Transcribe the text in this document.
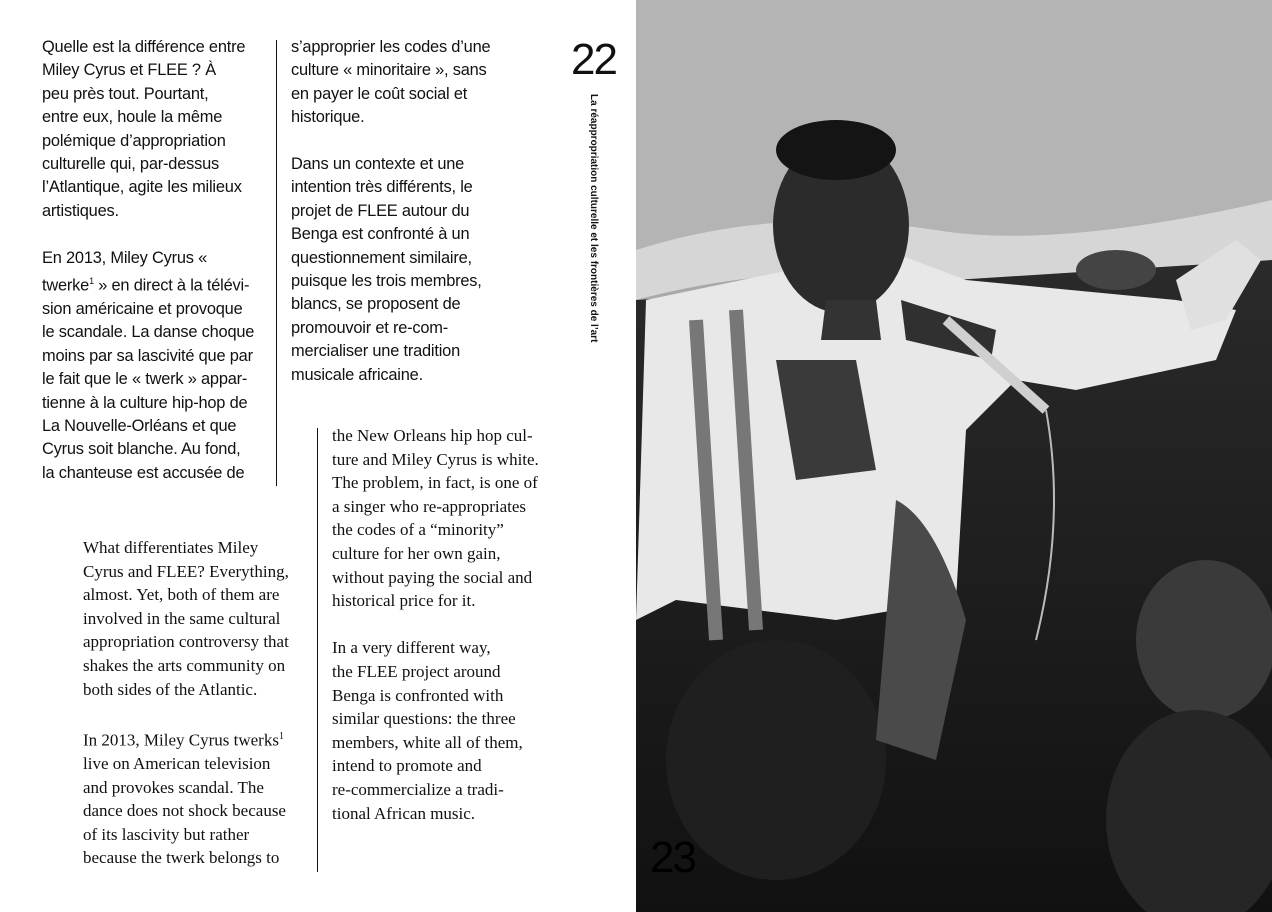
Quelle est la différence entre
Miley Cyrus et FLEE ? À
peu près tout. Pourtant,
entre eux, houle la même
polémique d’appropriation
culturelle qui, par-dessus
l’Atlantique, agite les milieux
artistiques.

En 2013, Miley Cyrus «
twerke$^1$ » en direct à la télévi-
sion américaine et provoque
le scandale. La danse choque
moins par sa lascivité que par
le fait que le « twerk » appar-
tienne à la culture hip-hop de
La Nouvelle-Orléans et que
Cyrus soit blanche. Au fond,
la chanteuse est accusée de

s’approprier les codes d’une
culture « minoritaire », sans
en payer le coût social et
historique.

Dans un contexte et une
intention très différents, le
projet de FLEE autour du
Benga est confronté à un
questionnement similaire,
puisque les trois membres,
blancs, se proposent de
promouvoir et re-com-
mercialiser une tradition
musicale africaine.

22
La réappropriation culturelle et les frontières de l’art

What differentiates Miley
Cyrus and FLEE? Everything,
almost. Yet, both of them are
involved in the same cultural
appropriation controversy that
shakes the arts community on
both sides of the Atlantic.

In 2013, Miley Cyrus twerks$^1$
live on American television
and provokes scandal. The
dance does not shock because
of its lascivity but rather
because the twerk belongs to

the New Orleans hip hop cul-
ture and Miley Cyrus is white.
The problem, in fact, is one of
a singer who re-appropriates
the codes of a “minority”
culture for her own gain,
without paying the social and
historical price for it.

In a very different way,
the FLEE project around
Benga is confronted with
similar questions: the three
members, white all of them,
intend to promote and
re-commercialize a tradi-
tional African music.

23
